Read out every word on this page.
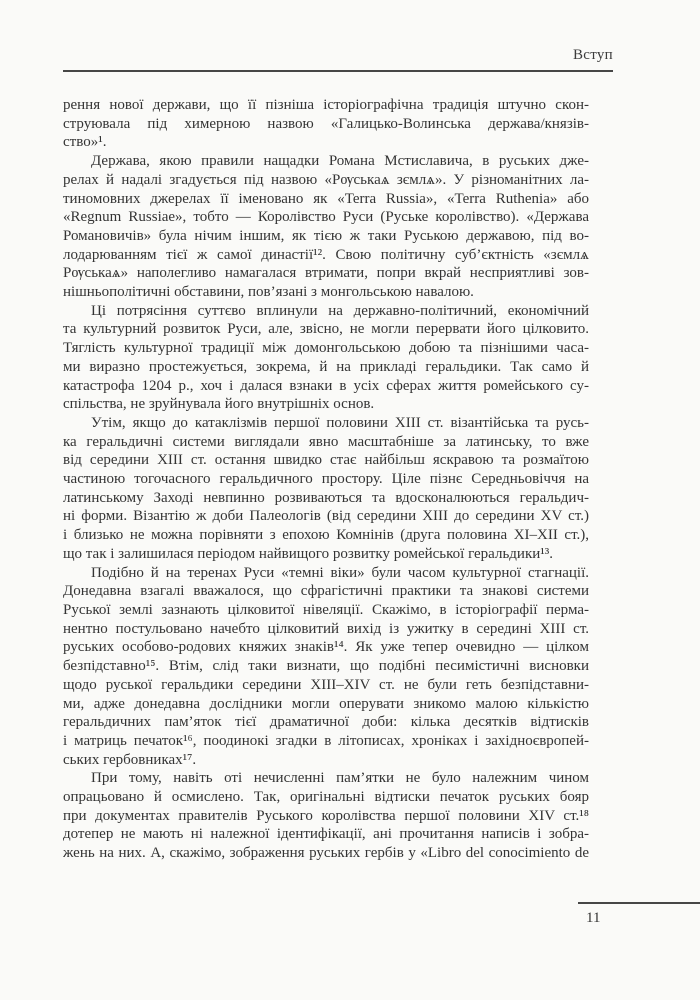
Вступ
рення нової держави, що її пізніша історіографічна традиція штучно скон-
струювала під химерною назвою «Галицько-Волинська держава/князів-
ство»¹.
Держава, якою правили нащадки Романа Мстиславича, в руських дже-
релах й надалі згадується під назвою «Рѹськаѧ зємлѧ». У різноманітних ла-
тиномовних джерелах її іменовано як «Terra Russia», «Terra Ruthenia» або
«Regnum Russiae», тобто — Королівство Руси (Руське королівство). «Держава
Романовичів» була нічим іншим, як тією ж таки Руською державою, під во-
лодарюванням тієї ж самої династії¹². Свою політичну суб’єктність «зємлѧ
Рѹськаѧ» наполегливо намагалася втримати, попри вкрай несприятливі зов-
нішньополітичні обставини, пов’язані з монгольською навалою.
Ці потрясіння суттєво вплинули на державно-політичний, економічний
та культурний розвиток Руси, але, звісно, не могли перервати його цілковито.
Тяглість культурної традиції між домонгольською добою та пізнішими часа-
ми виразно простежується, зокрема, й на прикладі геральдики. Так само й
катастрофа 1204 р., хоч і далася взнаки в усіх сферах життя ромейського су-
спільства, не зруйнувала його внутрішніх основ.
Утім, якщо до катаклізмів першої половини XIII ст. візантійська та русь-
ка геральдичні системи виглядали явно масштабніше за латинську, то вже
від середини XIII ст. остання швидко стає найбільш яскравою та розмаїтою
частиною тогочасного геральдичного простору. Ціле пізнє Середньовіччя на
латинському Заході невпинно розвиваються та вдосконалюються геральдич-
ні форми. Візантію ж доби Палеологів (від середини XIII до середини XV ст.)
і близько не можна порівняти з епохою Комнінів (друга половина XI–XII ст.),
що так і залишилася періодом найвищого розвитку ромейської геральдики¹³.
Подібно й на теренах Руси «темні віки» були часом культурної стагнації.
Донедавна взагалі вважалося, що сфрагістичні практики та знакові системи
Руської землі зазнають цілковитої нівеляції. Скажімо, в історіографії перма-
нентно постульовано начебто цілковитий вихід із ужитку в середині XIII ст.
руських особово-родових княжих знаків¹⁴. Як уже тепер очевидно — цілком
безпідставно¹⁵. Втім, слід таки визнати, що подібні песимістичні висновки
щодо руської геральдики середини XIII–XIV ст. не були геть безпідставни-
ми, адже донедавна дослідники могли оперувати зникомо малою кількістю
геральдичних пам’яток тієї драматичної доби: кілька десятків відтисків
і матриць печаток¹⁶, поодинокі згадки в літописах, хроніках і західноєвропей-
ських гербовниках¹⁷.
При тому, навіть оті нечисленні пам’ятки не було належним чином
опрацьовано й осмислено. Так, оригінальні відтиски печаток руських бояр
при документах правителів Руського королівства першої половини XIV ст.¹⁸
дотепер не мають ні належної ідентифікації, ані прочитання написів і зобра-
жень на них. А, скажімо, зображення руських гербів у «Libro del conocimiento de
11
